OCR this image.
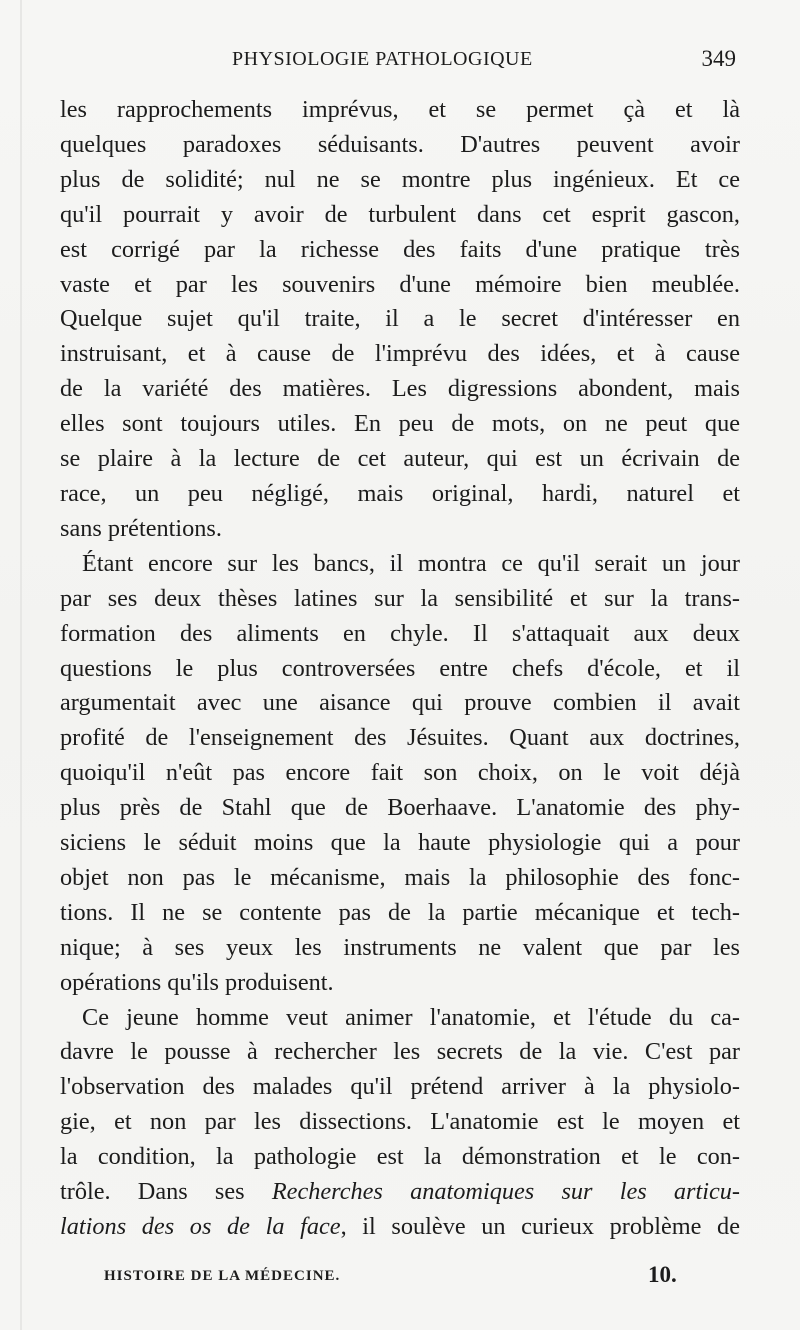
PHYSIOLOGIE PATHOLOGIQUE	349

les rapprochements imprévus, et se permet çà et là
quelques paradoxes séduisants. D'autres peuvent avoir
plus de solidité; nul ne se montre plus ingénieux. Et ce
qu'il pourrait y avoir de turbulent dans cet esprit gascon,
est corrigé par la richesse des faits d'une pratique très
vaste et par les souvenirs d'une mémoire bien meublée.
Quelque sujet qu'il traite, il a le secret d'intéresser en
instruisant, et à cause de l'imprévu des idées, et à cause
de la variété des matières. Les digressions abondent, mais
elles sont toujours utiles. En peu de mots, on ne peut que
se plaire à la lecture de cet auteur, qui est un écrivain de
race, un peu négligé, mais original, hardi, naturel et
sans prétentions.

Étant encore sur les bancs, il montra ce qu'il serait un jour
par ses deux thèses latines sur la sensibilité et sur la trans-
formation des aliments en chyle. Il s'attaquait aux deux
questions le plus controversées entre chefs d'école, et il
argumentait avec une aisance qui prouve combien il avait
profité de l'enseignement des Jésuites. Quant aux doctrines,
quoiqu'il n'eût pas encore fait son choix, on le voit déjà
plus près de Stahl que de Boerhaave. L'anatomie des phy-
siciens le séduit moins que la haute physiologie qui a pour
objet non pas le mécanisme, mais la philosophie des fonc-
tions. Il ne se contente pas de la partie mécanique et tech-
nique; à ses yeux les instruments ne valent que par les
opérations qu'ils produisent.

Ce jeune homme veut animer l'anatomie, et l'étude du ca-
davre le pousse à rechercher les secrets de la vie. C'est par
l'observation des malades qu'il prétend arriver à la physiolo-
gie, et non par les dissections. L'anatomie est le moyen et
la condition, la pathologie est la démonstration et le con-
trôle. Dans ses Recherches anatomiques sur les articu-
lations des os de la face, il soulève un curieux problème de

HISTOIRE DE LA MÉDECINE.	10.
